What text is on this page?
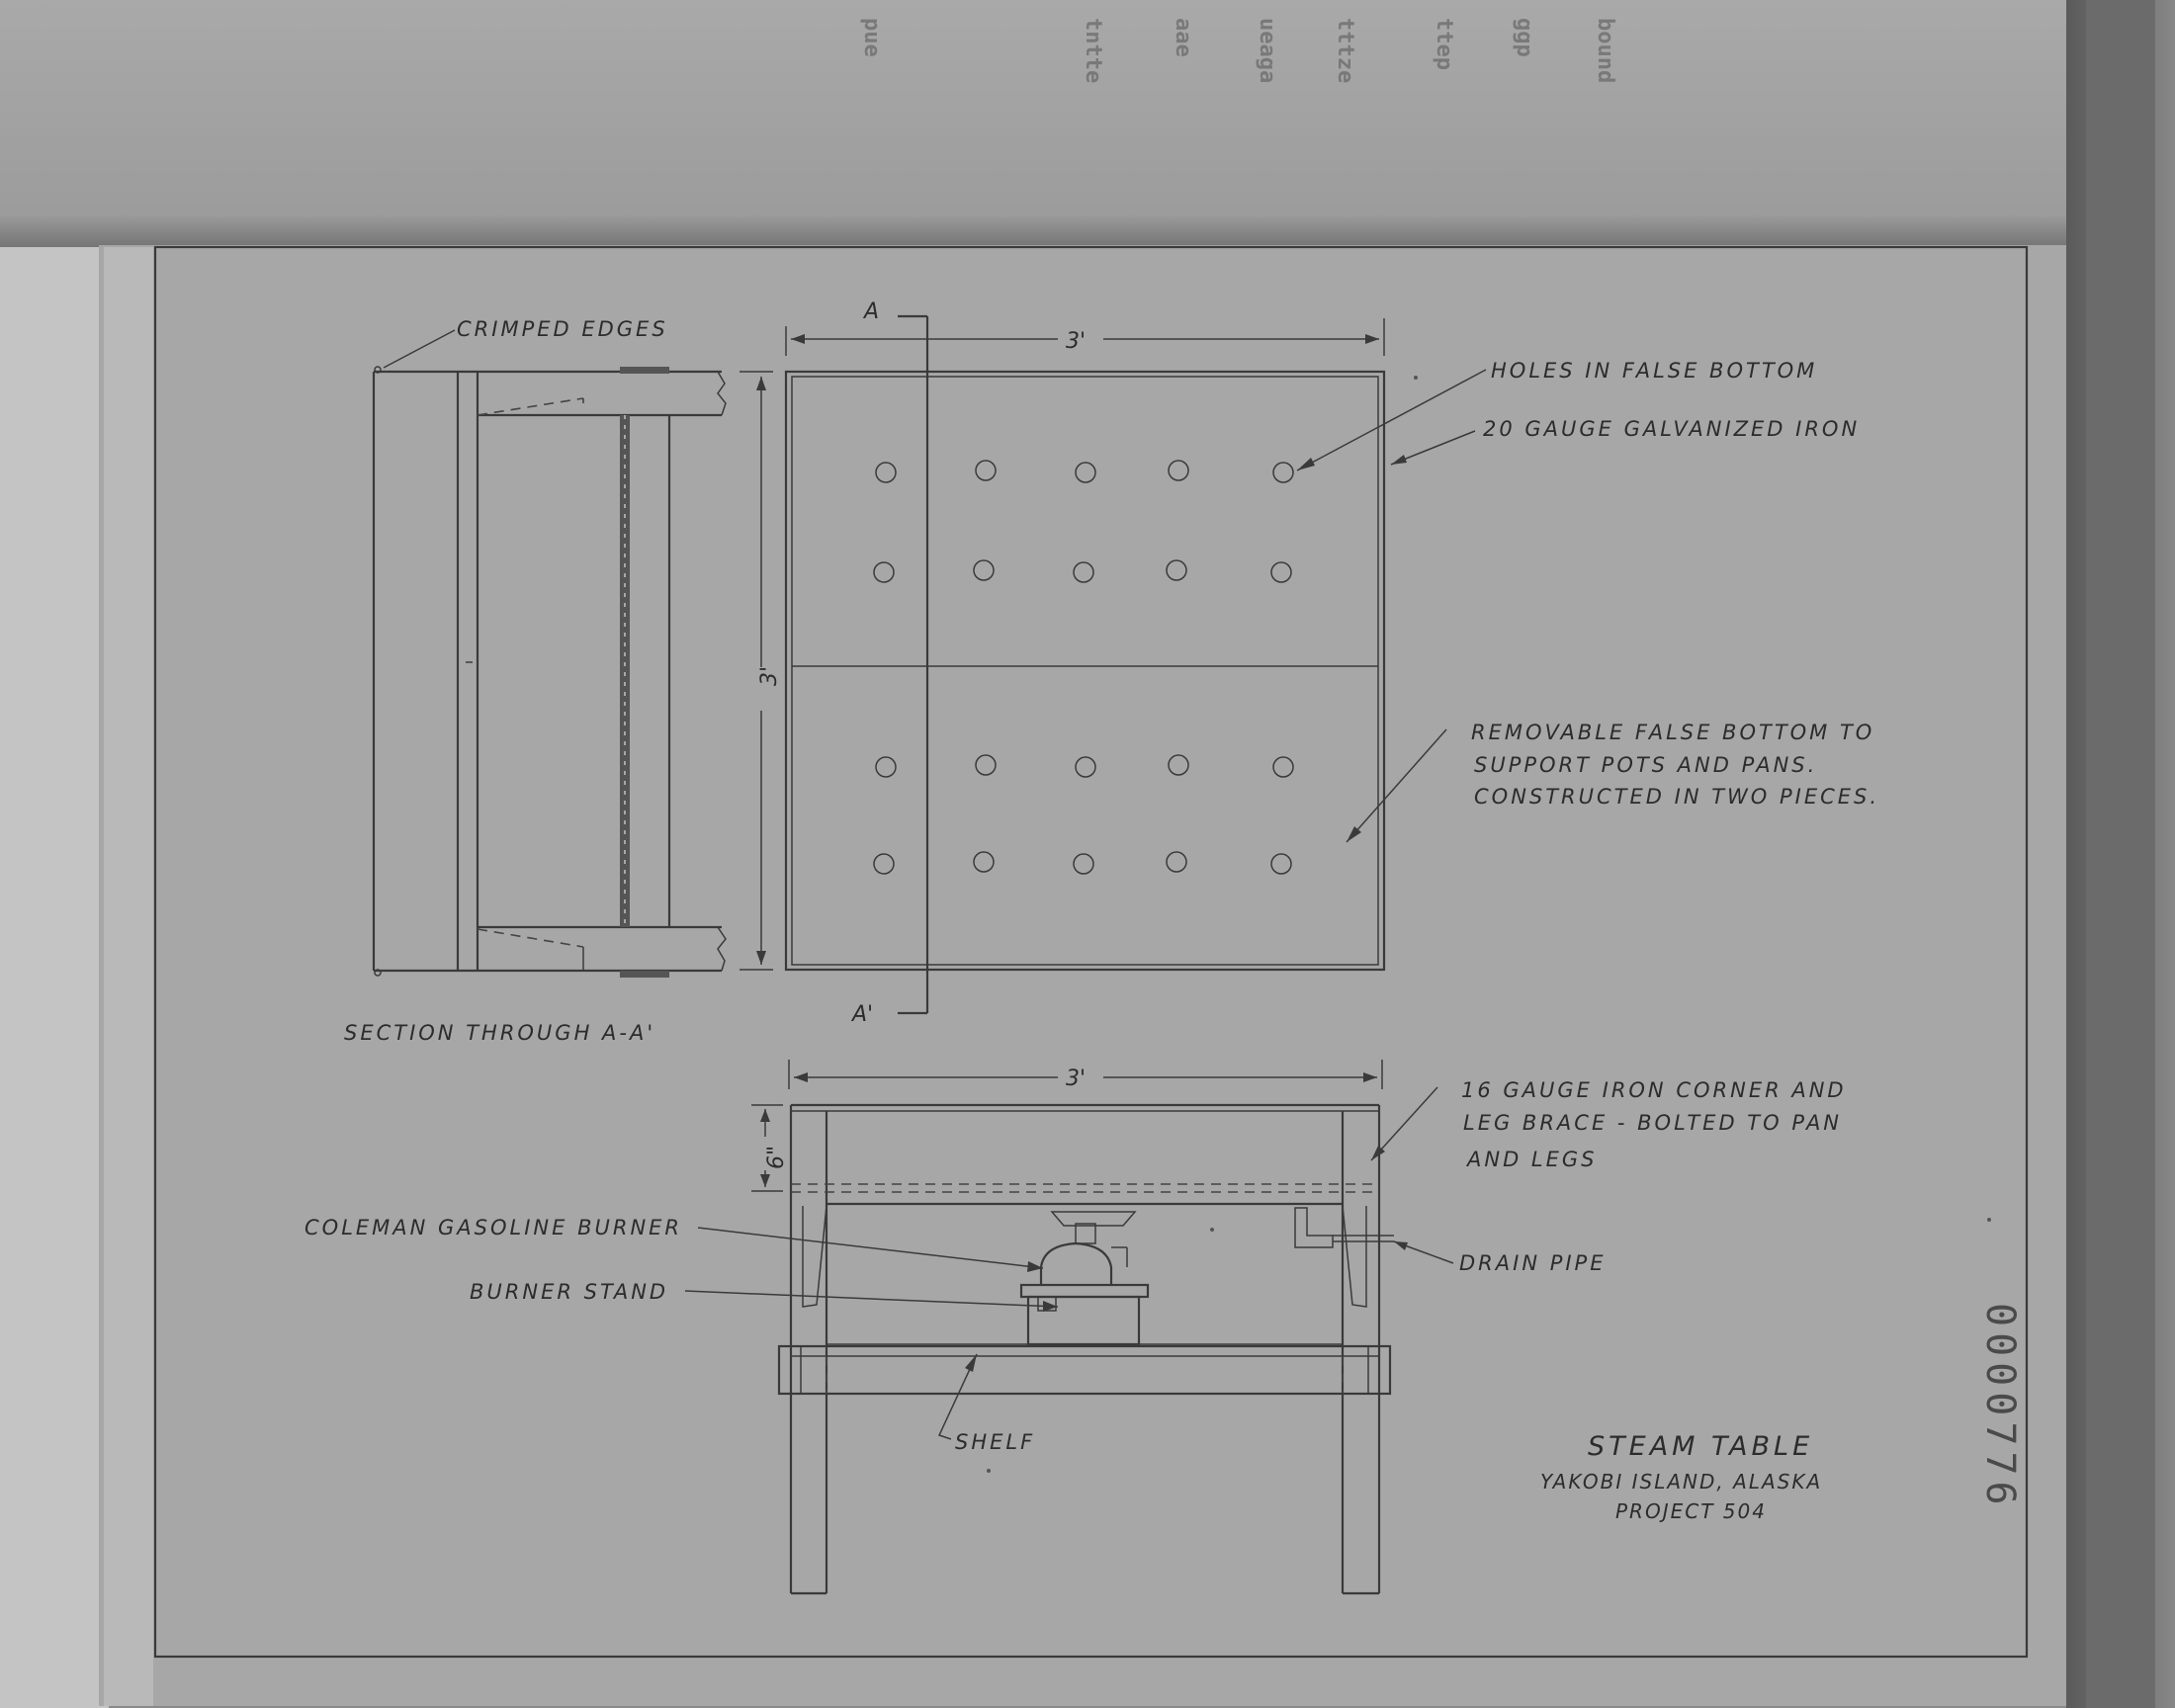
bound
ggp
ttep
tttze
ueaga
aae
tntte
pue
CRIMPED EDGES
SECTION THROUGH A-A'
A
A'
3'
3'
HOLES IN FALSE BOTTOM
20 GAUGE GALVANIZED IRON
REMOVABLE FALSE BOTTOM TO
SUPPORT POTS AND PANS.
CONSTRUCTED IN TWO PIECES.
3'
6"
16 GAUGE IRON CORNER AND
LEG BRACE - BOLTED TO PAN
AND LEGS
COLEMAN GASOLINE BURNER
BURNER STAND
DRAIN PIPE
SHELF	STEAM TABLE
YAKOBI ISLAND, ALASKA
PROJECT 504
0000776
